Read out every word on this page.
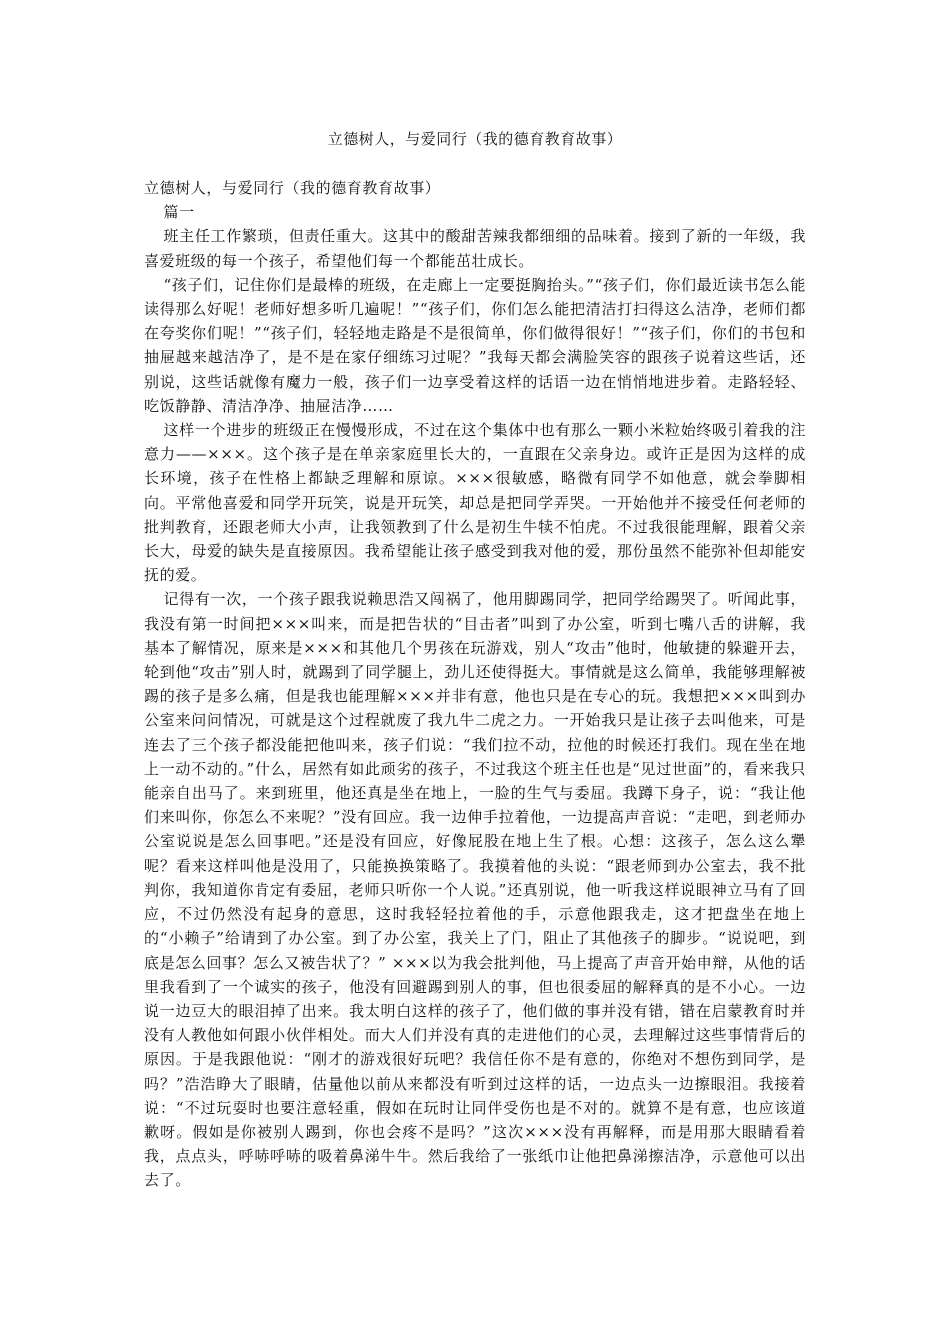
立德树人，与爱同行（我的德育教育故事）

立德树人，与爱同行（我的德育教育故事）

篇一

班主任工作繁琐，但责任重大。这其中的酸甜苦辣我都细细的品味着。接到了新的一年级，我喜爱班级的每一个孩子，希望他们每一个都能茁壮成长。

“孩子们，记住你们是最棒的班级，在走廊上一定要挺胸抬头。”“孩子们，你们最近读书怎么能读得那么好呢！老师好想多听几遍呢！”“孩子们，你们怎么能把清洁打扫得这么洁净，老师们都在夸奖你们呢！”“孩子们，轻轻地走路是不是很简单，你们做得很好！”“孩子们，你们的书包和抽屉越来越洁净了，是不是在家仔细练习过呢？”我每天都会满脸笑容的跟孩子说着这些话，还别说，这些话就像有魔力一般，孩子们一边享受着这样的话语一边在悄悄地进步着。走路轻轻、吃饭静静、清洁净净、抽屉洁净……

这样一个进步的班级正在慢慢形成，不过在这个集体中也有那么一颗小米粒始终吸引着我的注意力——×××。这个孩子是在单亲家庭里长大的，一直跟在父亲身边。或许正是因为这样的成长环境，孩子在性格上都缺乏理解和原谅。×××很敏感，略微有同学不如他意，就会拳脚相向。平常他喜爱和同学开玩笑，说是开玩笑，却总是把同学弄哭。一开始他并不接受任何老师的批判教育，还跟老师大小声，让我领教到了什么是初生牛犊不怕虎。不过我很能理解，跟着父亲长大，母爱的缺失是直接原因。我希望能让孩子感受到我对他的爱，那份虽然不能弥补但却能安抚的爱。

记得有一次，一个孩子跟我说赖思浩又闯祸了，他用脚踢同学，把同学给踢哭了。听闻此事，我没有第一时间把×××叫来，而是把告状的“目击者”叫到了办公室，听到七嘴八舌的讲解，我基本了解情况，原来是×××和其他几个男孩在玩游戏，别人“攻击”他时，他敏捷的躲避开去，轮到他“攻击”别人时，就踢到了同学腿上，劲儿还使得挺大。事情就是这么简单，我能够理解被踢的孩子是多么痛，但是我也能理解×××并非有意，他也只是在专心的玩。我想把×××叫到办公室来问问情况，可就是这个过程就废了我九牛二虎之力。一开始我只是让孩子去叫他来，可是连去了三个孩子都没能把他叫来，孩子们说：“我们拉不动，拉他的时候还打我们。现在坐在地上一动不动的。”什么，居然有如此顽劣的孩子，不过我这个班主任也是“见过世面”的，看来我只能亲自出马了。来到班里，他还真是坐在地上，一脸的生气与委屈。我蹲下身子，说：“我让他们来叫你，你怎么不来呢？”没有回应。我一边伸手拉着他，一边提高声音说：“走吧，到老师办公室说说是怎么回事吧。”还是没有回应，好像屁股在地上生了根。心想：这孩子，怎么这么犟呢？看来这样叫他是没用了，只能换换策略了。我摸着他的头说：“跟老师到办公室去，我不批判你，我知道你肯定有委屈，老师只听你一个人说。”还真别说，他一听我这样说眼神立马有了回应，不过仍然没有起身的意思，这时我轻轻拉着他的手，示意他跟我走，这才把盘坐在地上的“小赖子”给请到了办公室。到了办公室，我关上了门，阻止了其他孩子的脚步。“说说吧，到底是怎么回事？怎么又被告状了？” ×××以为我会批判他，马上提高了声音开始申辩，从他的话里我看到了一个诚实的孩子，他没有回避踢到别人的事，但也很委屈的解释真的是不小心。一边说一边豆大的眼泪掉了出来。我太明白这样的孩子了，他们做的事并没有错，错在启蒙教育时并没有人教他如何跟小伙伴相处。而大人们并没有真的走进他们的心灵，去理解过这些事情背后的原因。于是我跟他说：“刚才的游戏很好玩吧？我信任你不是有意的，你绝对不想伤到同学，是吗？”浩浩睁大了眼睛，估量他以前从来都没有听到过这样的话，一边点头一边擦眼泪。我接着说：“不过玩耍时也要注意轻重，假如在玩时让同伴受伤也是不对的。就算不是有意，也应该道歉呀。假如是你被别人踢到，你也会疼不是吗？”这次×××没有再解释，而是用那大眼睛看着我，点点头，呼哧呼哧的吸着鼻涕牛牛。然后我给了一张纸巾让他把鼻涕擦洁净，示意他可以出去了。
